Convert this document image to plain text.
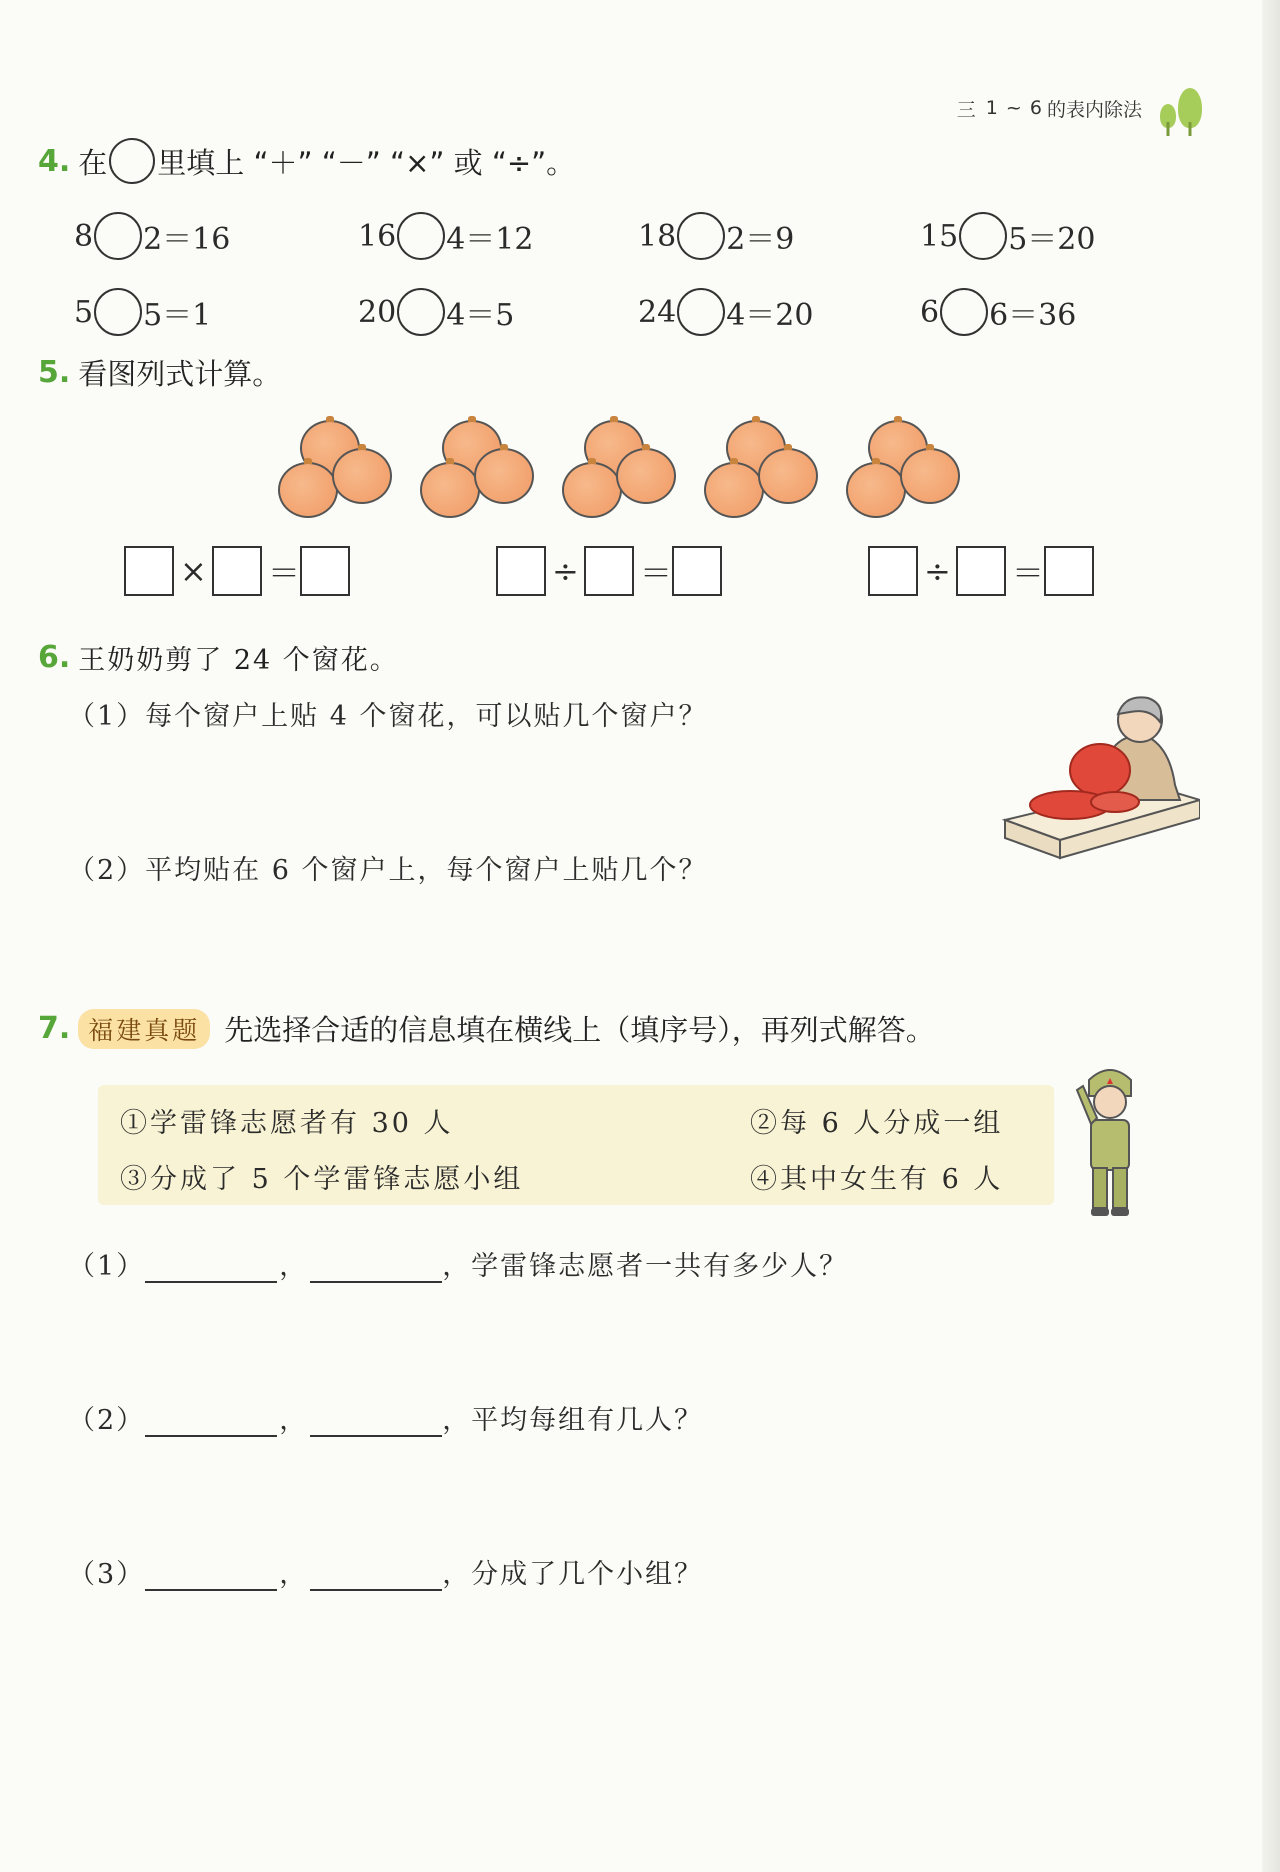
三 1 ~ 6 的表内除法
4. 在 里填上 “＋” “－” “×” 或 “÷”。
8 2＝16	16 4＝12	18 2＝9	15 5＝20
5 5＝1	20 4＝5	24 4＝20	6 6＝36
5. 看图列式计算。
× ＝	÷ ＝	÷ ＝
6. 王奶奶剪了 24 个窗花。
（1）每个窗户上贴 4 个窗花，可以贴几个窗户？
（2）平均贴在 6 个窗户上，每个窗户上贴几个？
7. 福建真题 先选择合适的信息填在横线上（填序号），再列式解答。
①学雷锋志愿者有 30 人	②每 6 人分成一组
③分成了 5 个学雷锋志愿小组	④其中女生有 6 人
（1）	，	，学雷锋志愿者一共有多少人？
（2）	，	，平均每组有几人？
（3）	，	，分成了几个小组？
